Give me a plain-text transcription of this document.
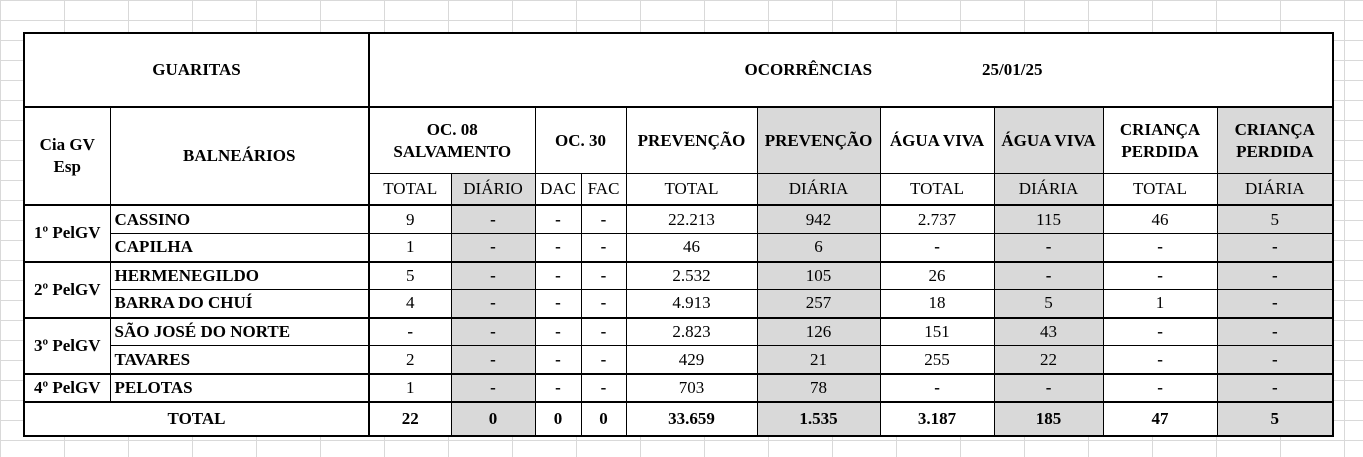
GUARITAS		OCORRÊNCIAS						25/01/25			
Cia GV Esp	BALNEÁRIOS	OC. 08 SALVAMENTO		OC. 30		PREVENÇÃO	PREVENÇÃO	ÁGUA VIVA	ÁGUA VIVA	CRIANÇA PERDIDA	CRIANÇA PERDIDA
		TOTAL	DIÁRIO	DAC	FAC	TOTAL	DIÁRIA	TOTAL	DIÁRIA	TOTAL	DIÁRIA
1º PelGV	CASSINO	9	-	-	-	22.213	942	2.737	115	46	5
	CAPILHA	1	-	-	-	46	6	-	-	-	-
2º PelGV	HERMENEGILDO	5	-	-	-	2.532	105	26	-	-	-
	BARRA DO CHUÍ	4	-	-	-	4.913	257	18	5	1	-
3º PelGV	SÃO JOSÉ DO NORTE	-	-	-	-	2.823	126	151	43	-	-
	TAVARES	2	-	-	-	429	21	255	22	-	-
4º PelGV	PELOTAS	1	-	-	-	703	78	-	-	-	-
TOTAL		22	0	0	0	33.659	1.535	3.187	185	47	5
